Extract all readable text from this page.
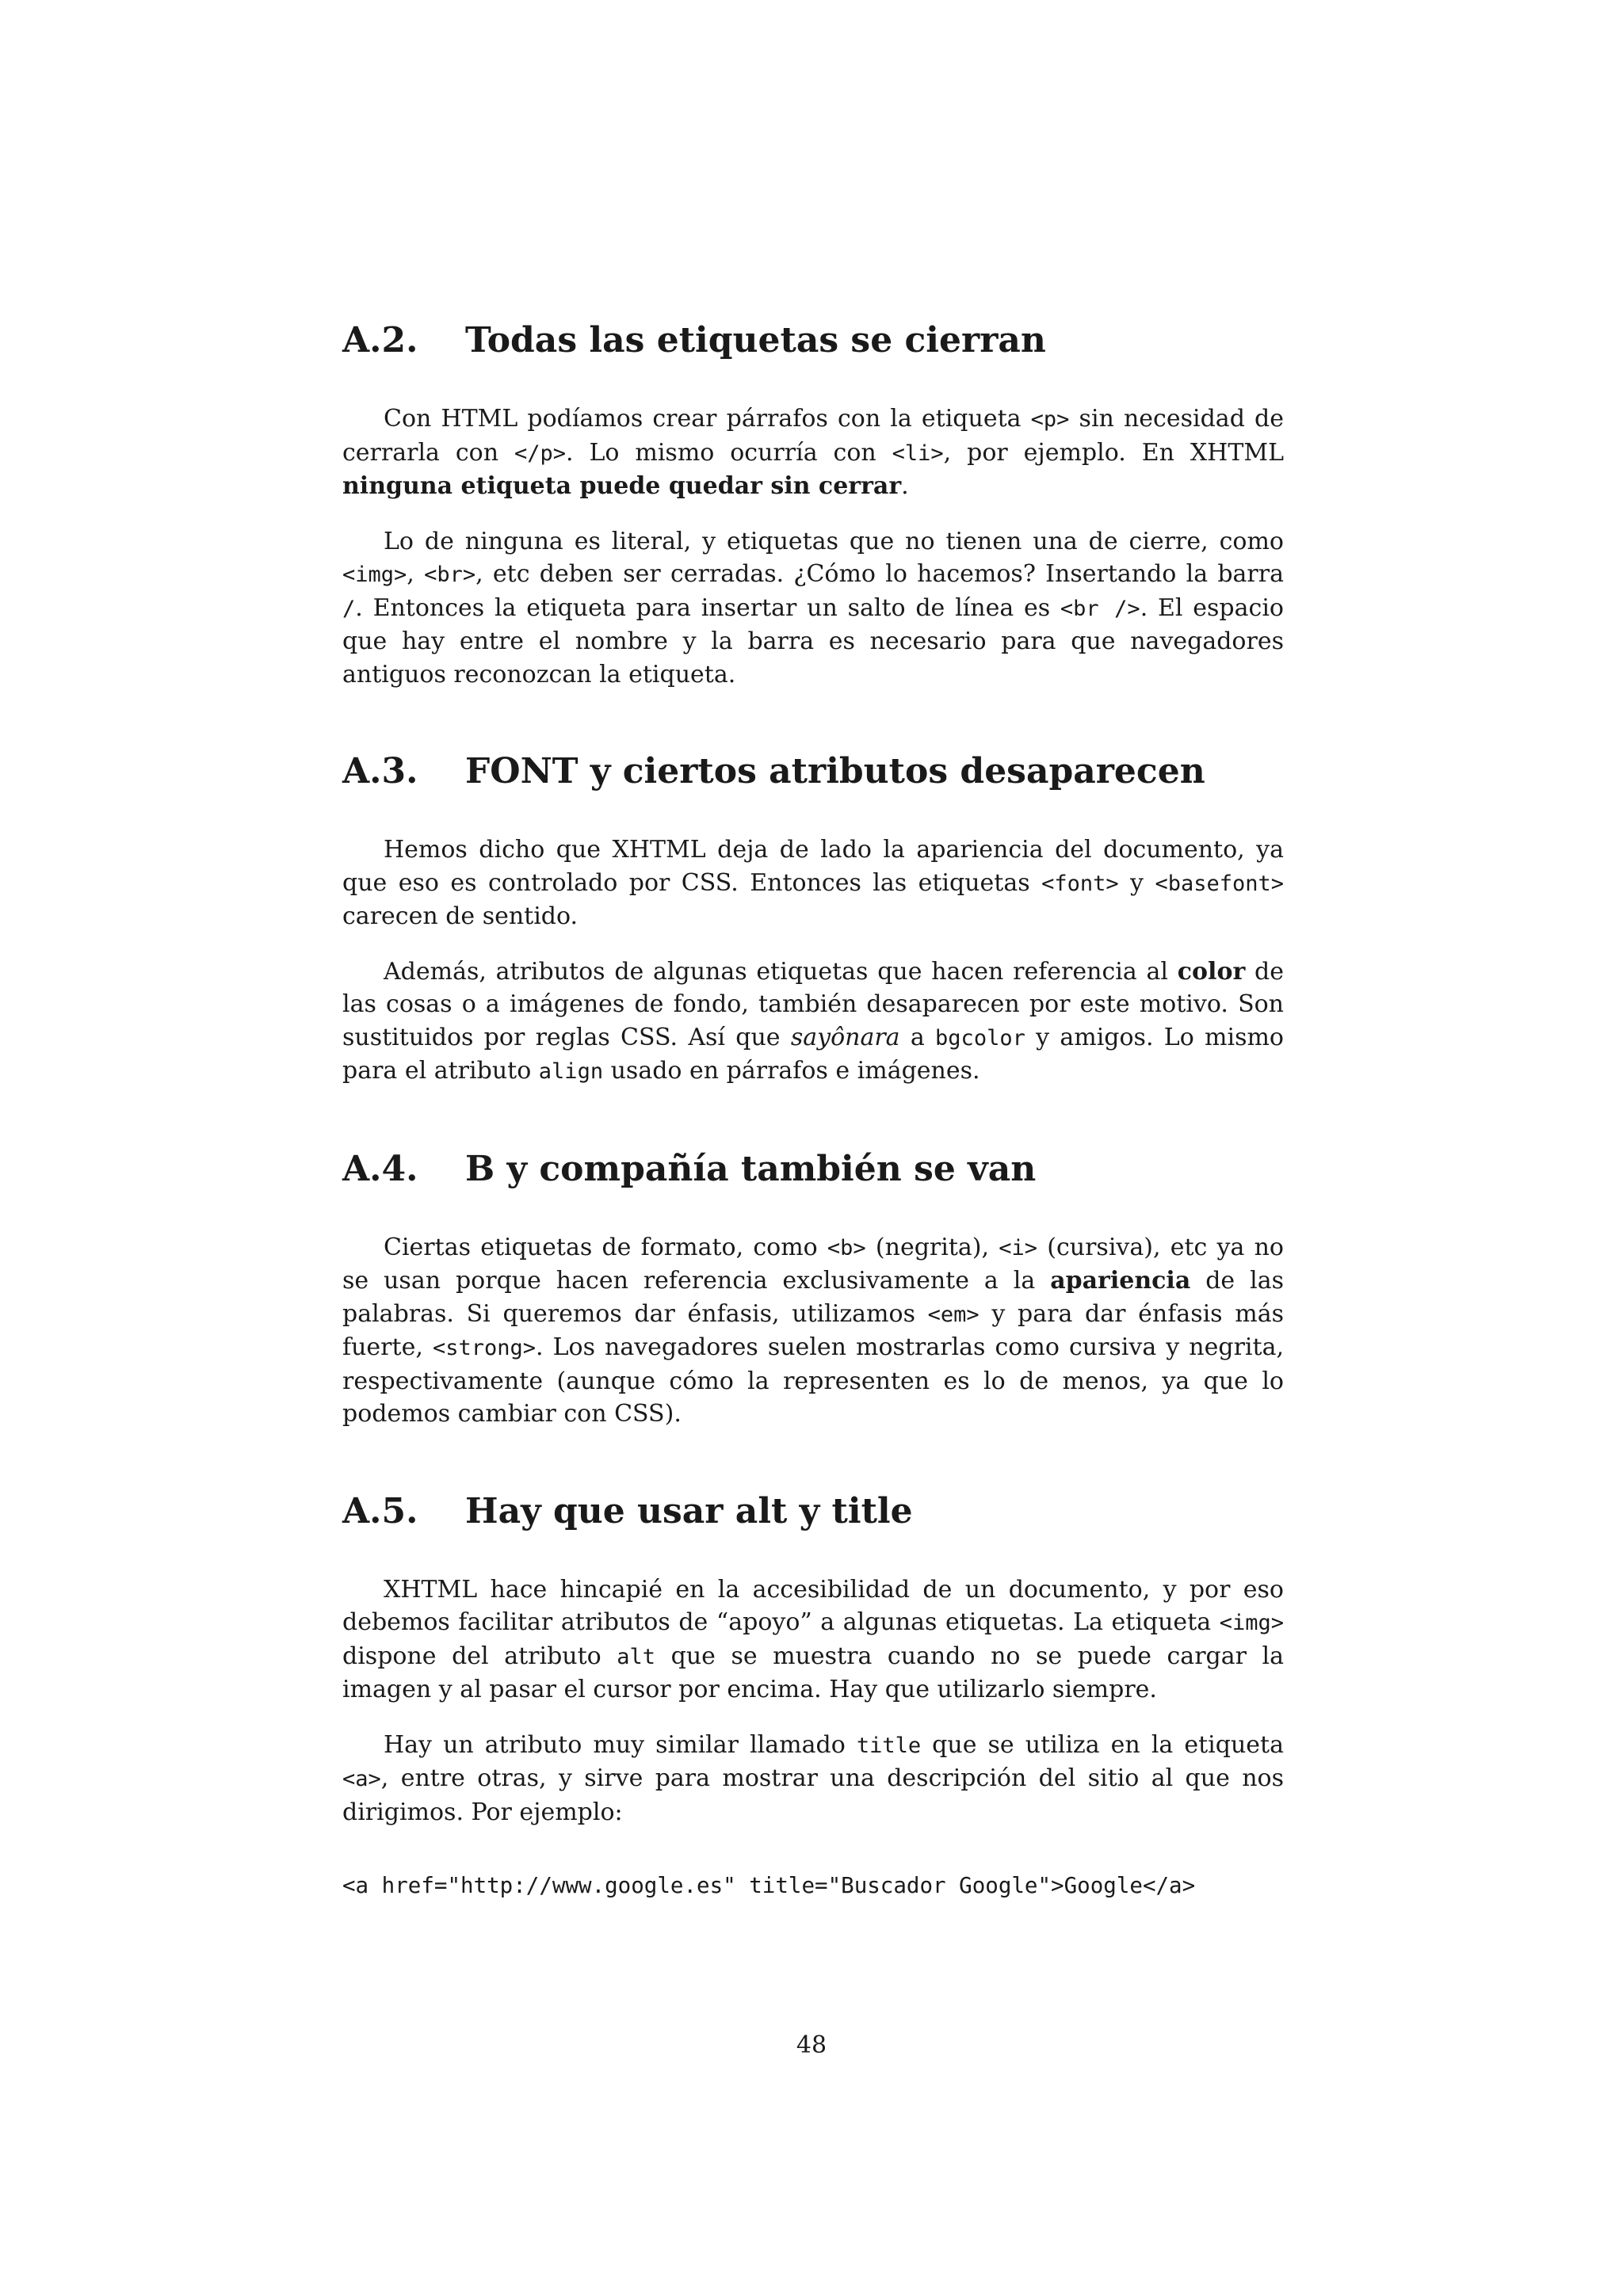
A.2.	Todas las etiquetas se cierran

Con HTML podíamos crear párrafos con la etiqueta <p> sin necesidad de cerrarla con </p>. Lo mismo ocurría con <li>, por ejemplo. En XHTML ninguna etiqueta puede quedar sin cerrar.

Lo de ninguna es literal, y etiquetas que no tienen una de cierre, como <img>, <br>, etc deben ser cerradas. ¿Cómo lo hacemos? Insertando la barra /. Entonces la etiqueta para insertar un salto de línea es <br />. El espacio que hay entre el nombre y la barra es necesario para que navegadores antiguos reconozcan la etiqueta.

A.3.	FONT y ciertos atributos desaparecen

Hemos dicho que XHTML deja de lado la apariencia del documento, ya que eso es controlado por CSS. Entonces las etiquetas <font> y <basefont> carecen de sentido.

Además, atributos de algunas etiquetas que hacen referencia al color de las cosas o a imágenes de fondo, también desaparecen por este motivo. Son sustituidos por reglas CSS. Así que sayônara a bgcolor y amigos. Lo mismo para el atributo align usado en párrafos e imágenes.

A.4.	B y compañía también se van

Ciertas etiquetas de formato, como <b> (negrita), <i> (cursiva), etc ya no se usan porque hacen referencia exclusivamente a la apariencia de las palabras. Si queremos dar énfasis, utilizamos <em> y para dar énfasis más fuerte, <strong>. Los navegadores suelen mostrarlas como cursiva y negrita, respectivamente (aunque cómo la representen es lo de menos, ya que lo podemos cambiar con CSS).

A.5.	Hay que usar alt y title

XHTML hace hincapié en la accesibilidad de un documento, y por eso debemos facilitar atributos de “apoyo” a algunas etiquetas. La etiqueta <img> dispone del atributo alt que se muestra cuando no se puede cargar la imagen y al pasar el cursor por encima. Hay que utilizarlo siempre.

Hay un atributo muy similar llamado title que se utiliza en la etiqueta <a>, entre otras, y sirve para mostrar una descripción del sitio al que nos dirigimos. Por ejemplo:

<a href="http://www.google.es" title="Buscador Google">Google</a>
48
